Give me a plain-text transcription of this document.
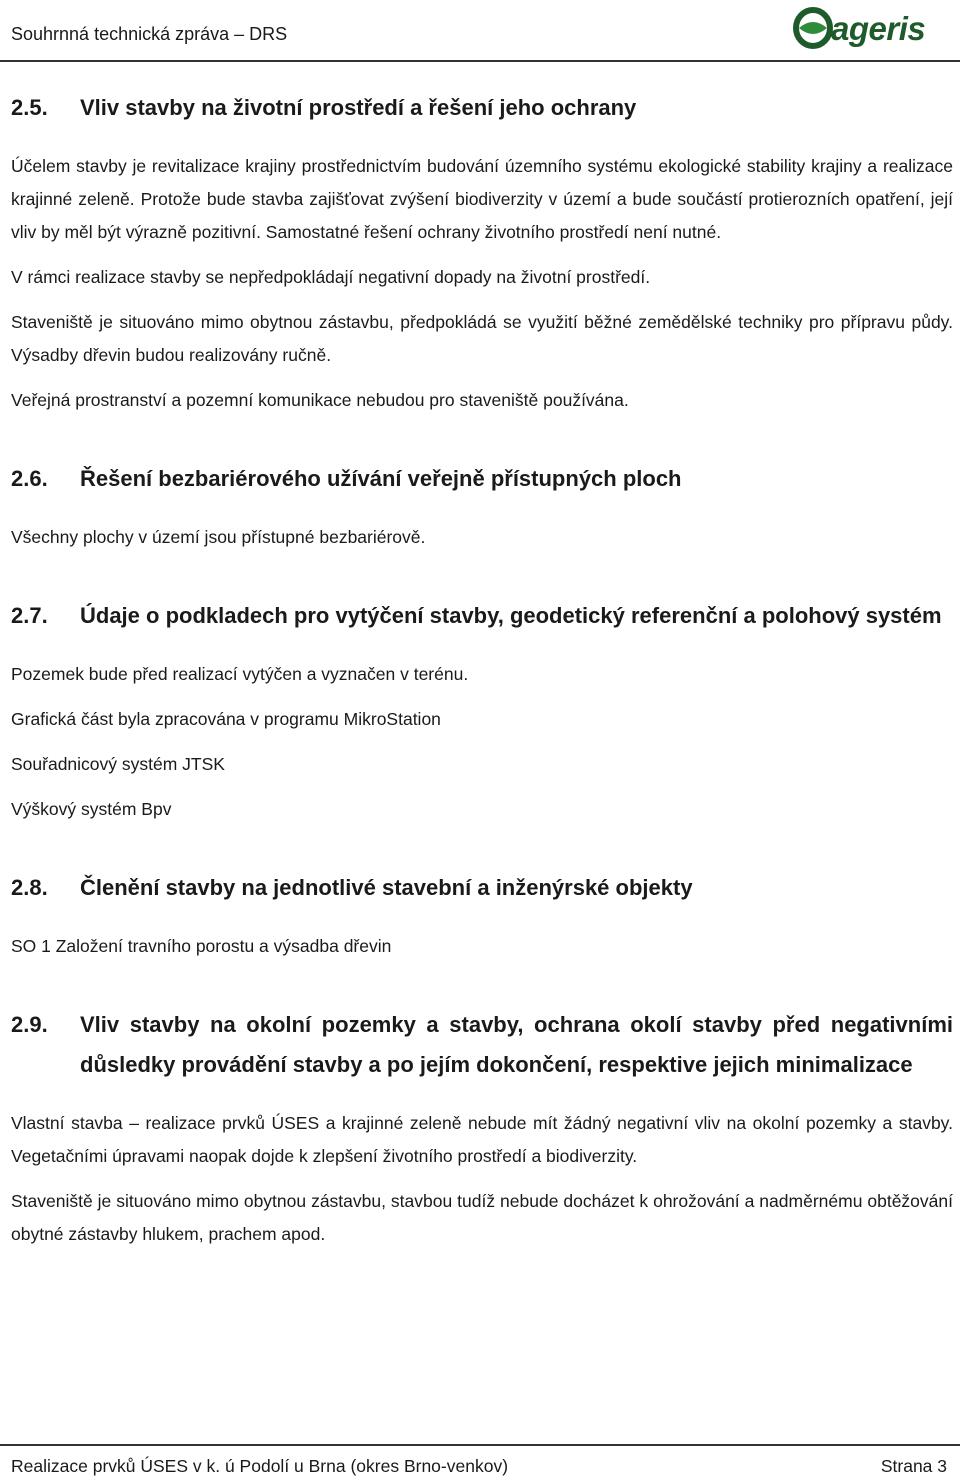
Souhrnná technická zpráva – DRS	ageris
2.5.	Vliv stavby na životní prostředí a řešení jeho ochrany

Účelem stavby je revitalizace krajiny prostřednictvím budování územního systému ekologické stability krajiny a realizace krajinné zeleně. Protože bude stavba zajišťovat zvýšení biodiverzity v území a bude součástí protierozních opatření, její vliv by měl být výrazně pozitivní. Samostatné řešení ochrany životního prostředí není nutné.

V rámci realizace stavby se nepředpokládají negativní dopady na životní prostředí.

Staveniště je situováno mimo obytnou zástavbu, předpokládá se využití běžné zemědělské techniky pro přípravu půdy. Výsadby dřevin budou realizovány ručně.

Veřejná prostranství a pozemní komunikace nebudou pro staveniště používána.

2.6.	Řešení bezbariérového užívání veřejně přístupných ploch

Všechny plochy v území jsou přístupné bezbariérově.

2.7.	Údaje o podkladech pro vytýčení stavby, geodetický referenční a polohový systém

Pozemek bude před realizací vytýčen a vyznačen v terénu.

Grafická část byla zpracována v programu MikroStation

Souřadnicový systém JTSK

Výškový systém Bpv

2.8.	Členění stavby na jednotlivé stavební a inženýrské objekty

SO 1 Založení travního porostu a výsadba dřevin

2.9.	Vliv stavby na okolní pozemky a stavby, ochrana okolí stavby před negativními důsledky provádění stavby a po jejím dokončení, respektive jejich minimalizace

Vlastní stavba – realizace prvků ÚSES a krajinné zeleně nebude mít žádný negativní vliv na okolní pozemky a stavby. Vegetačními úpravami naopak dojde k zlepšení životního prostředí a biodiverzity.

Staveniště je situováno mimo obytnou zástavbu, stavbou tudíž nebude docházet k ohrožování a nadměrnému obtěžování obytné zástavby hlukem, prachem apod.

Realizace prvků ÚSES v k. ú Podolí u Brna (okres Brno-venkov)	Strana 3
